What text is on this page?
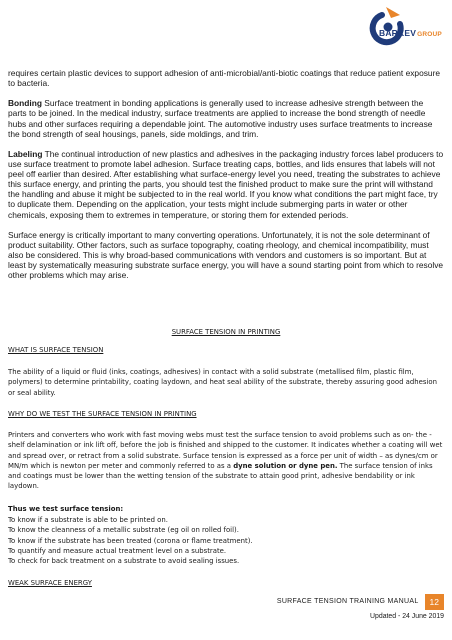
BARKEVGROUP

requires certain plastic devices to support adhesion of anti-microbial/anti-biotic coatings that reduce patient exposure to bacteria.

Bonding Surface treatment in bonding applications is generally used to increase adhesive strength between the parts to be joined. In the medical industry, surface treatments are applied to increase the bond strength of needle hubs and other surfaces requiring a dependable joint. The automotive industry uses surface treatments to increase the bond strength of seal housings, panels, side moldings, and trim.

Labeling The continual introduction of new plastics and adhesives in the packaging industry forces label producers to use surface treatment to promote label adhesion. Surface treating caps, bottles, and lids ensures that labels will not peel off earlier than desired. After establishing what surface-energy level you need, treating the substrates to achieve this surface energy, and printing the parts, you should test the finished product to make sure the print will withstand the handling and abuse it might be subjected to in the real world. If you know what conditions the part might face, try to duplicate them. Depending on the application, your tests might include submerging parts in water or other chemicals, exposing them to extremes in temperature, or storing them for extended periods.

Surface energy is critically important to many converting operations. Unfortunately, it is not the sole determinant of product suitability. Other factors, such as surface topography, coating rheology, and chemical incompatibility, must also be considered. This is why broad-based communications with vendors and customers is so important. But at least by systematically measuring substrate surface energy, you will have a sound starting point from which to resolve other problems which may arise.

SURFACE TENSION IN PRINTING
WHAT IS SURFACE TENSION
The ability of a liquid or fluid (inks, coatings, adhesives) in contact with a solid substrate (metallised film, plastic film, polymers) to determine printability, coating laydown, and heat seal ability of the substrate, thereby assuring good adhesion or seal ability.
WHY DO WE TEST THE SURFACE TENSION IN PRINTING
Printers and converters who work with fast moving webs must test the surface tension to avoid problems such as on- the - shelf delamination or ink lift off, before the job is finished and shipped to the customer. It indicates whether a coating will wet and spread over, or retract from a solid substrate. Surface tension is expressed as a force per unit of width – as dynes/cm or MN/m which is newton per meter and commonly referred to as a dyne solution or dyne pen. The surface tension of inks and coatings must be lower than the wetting tension of the substrate to attain good print, adhesive bendability or ink laydown.
Thus we test surface tension:
To know if a substrate is able to be printed on.
To know the cleanness of a metallic substrate (eg oil on rolled foil).
To know if the substrate has been treated (corona or flame treatment).
To quantify and measure actual treatment level on a substrate.
To check for back treatment on a substrate to avoid sealing issues.
WEAK SURFACE ENERGY
SURFACE TENSION TRAINING MANUAL	12
Updated - 24 June 2019
